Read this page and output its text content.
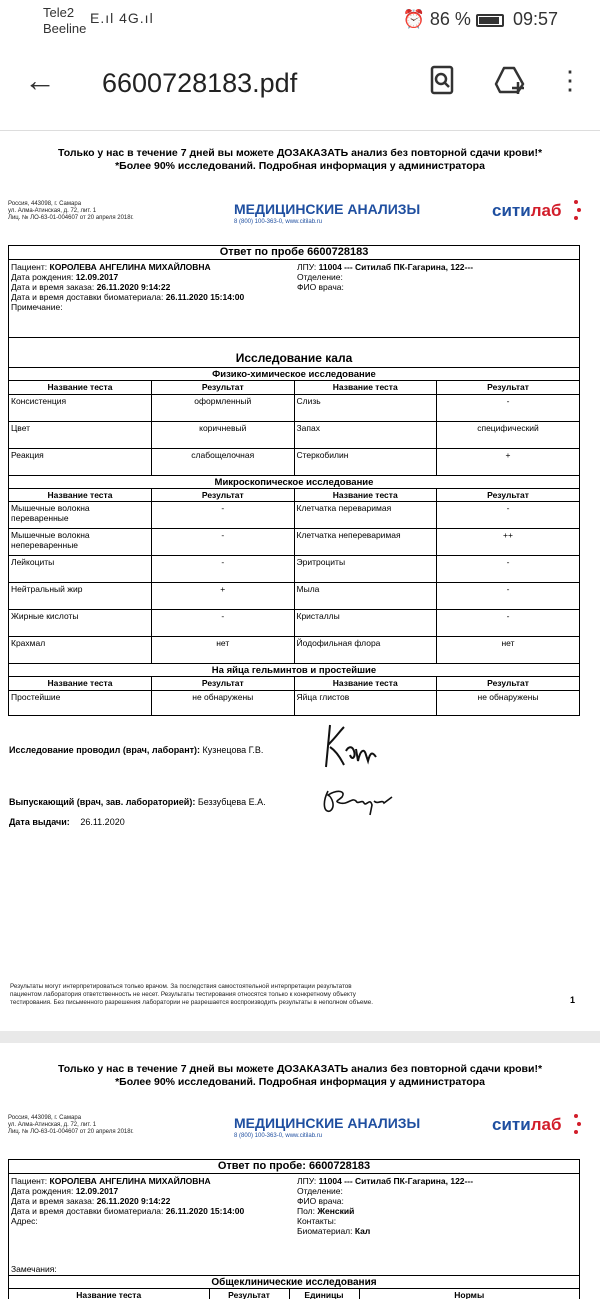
Tele2
Beeline
E.ıl 4G.ıl	⏰ 86 % 09:57
← 6600728183.pdf	⋮
Только у нас в течение 7 дней вы можете ДОЗАКАЗАТЬ анализ без повторной сдачи крови!*
*Более 90% исследований. Подробная информация у администратора
Россия, 443098, г. Самара
ул. Алма-Атинская, д. 72, лит. 1
Лиц. № ЛО-63-01-004607 от 20 апреля 2018г.
МЕДИЦИНСКИЕ АНАЛИЗЫ
8 (800) 100-363-0, www.citilab.ru
ситилаб
Ответ по пробе 6600728183
Пациент: КОРОЛЕВА АНГЕЛИНА МИХАЙЛОВНА
Дата рождения: 12.09.2017
Дата и время заказа: 26.11.2020 9:14:22
Дата и время доставки биоматериала: 26.11.2020 15:14:00
Примечание:
ЛПУ: 11004 --- Ситилаб ПК-Гагарина, 122---
Отделение:
ФИО врача:
Исследование кала
Физико-химическое исследование
Название теста	Результат	Название теста	Результат
Консистенция	оформленный	Слизь	-
Цвет	коричневый	Запах	специфический
Реакция	слабощелочная	Стеркобилин	+
Микроскопическое исследование
Название теста	Результат	Название теста	Результат
Мышечные волокна переваренные	-	Клетчатка переваримая	-
Мышечные волокна непереваренные	-	Клетчатка непереваримая	++
Лейкоциты	-	Эритроциты	-
Нейтральный жир	+	Мыла	-
Жирные кислоты	-	Кристаллы	-
Крахмал	нет	Йодофильная флора	нет
На яйца гельминтов и простейшие
Название теста	Результат	Название теста	Результат
Простейшие	не обнаружены	Яйца глистов	не обнаружены
Исследование проводил (врач, лаборант): Кузнецова Г.В.
Выпускающий (врач, зав. лабораторией): Беззубцева Е.А.
Дата выдачи: 26.11.2020
Результаты могут интерпретироваться только врачом. За последствия самостоятельной интерпретации результатов
пациентом лаборатория ответственность не несет. Результаты тестирования относятся только к конкретному объекту
тестирования. Без письменного разрешения лаборатории не разрешается воспроизводить результаты в неполном объеме.	1
Только у нас в течение 7 дней вы можете ДОЗАКАЗАТЬ анализ без повторной сдачи крови!*
*Более 90% исследований. Подробная информация у администратора
Россия, 443098, г. Самара
ул. Алма-Атинская, д. 72, лит. 1
Лиц. № ЛО-63-01-004607 от 20 апреля 2018г.
МЕДИЦИНСКИЕ АНАЛИЗЫ
8 (800) 100-363-0, www.citilab.ru
ситилаб
Ответ по пробе: 6600728183
Пациент: КОРОЛЕВА АНГЕЛИНА МИХАЙЛОВНА
Дата рождения: 12.09.2017
Дата и время заказа: 26.11.2020 9:14:22
Дата и время доставки биоматериала: 26.11.2020 15:14:00
Адрес:
ЛПУ: 11004 --- Ситилаб ПК-Гагарина, 122---
Отделение:
ФИО врача:
Пол: Женский
Контакты:
Биоматериал: Кал
Замечания:
Общеклинические исследования
Название теста	Результат	Единицы	Нормы
